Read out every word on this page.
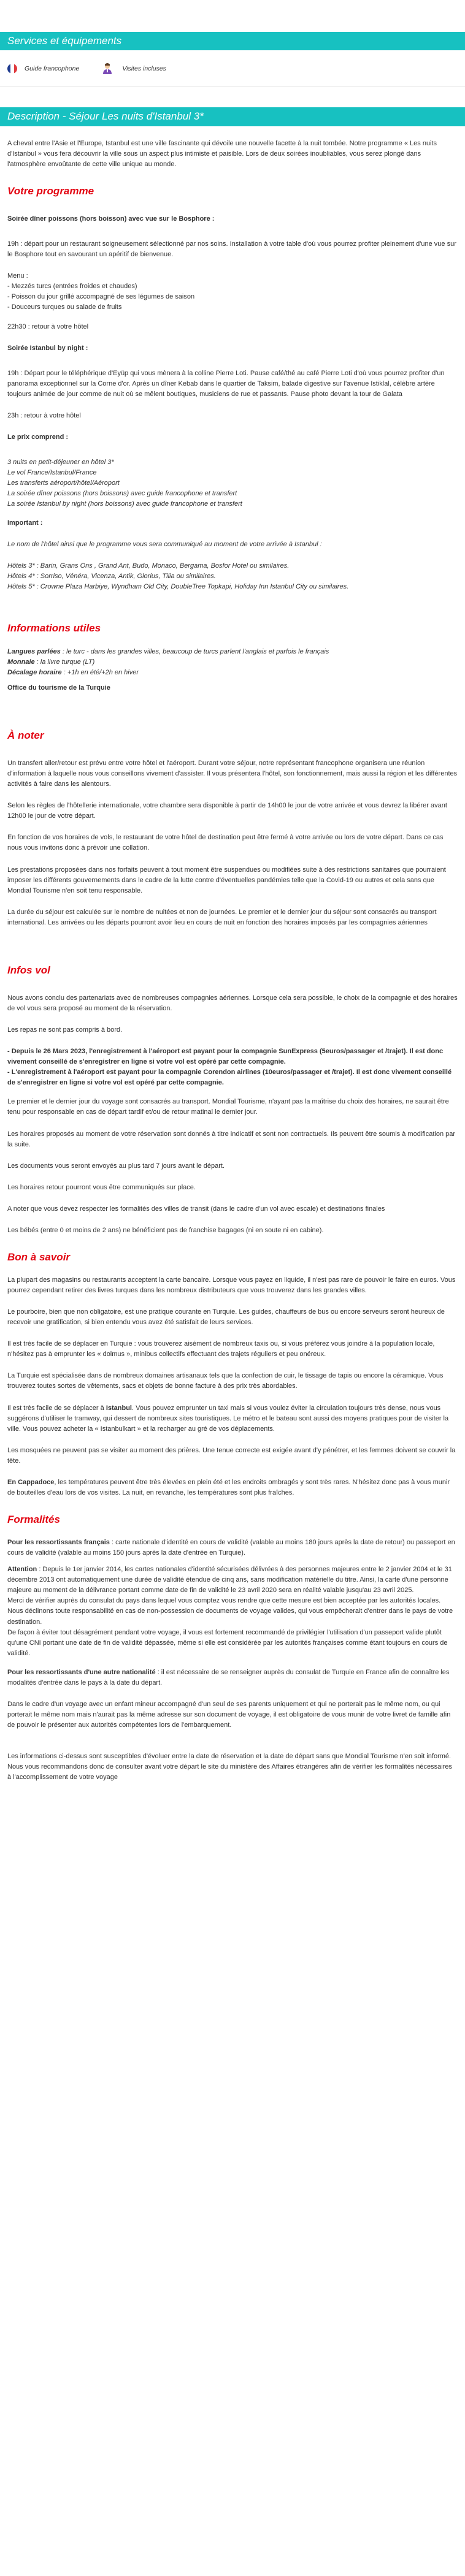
Services et équipements
Guide francophone	Visites incluses
Description - Séjour Les nuits d'Istanbul 3*

A cheval entre l'Asie et l'Europe, Istanbul est une ville fascinante qui dévoile une nouvelle facette à la nuit tombée. Notre programme « Les nuits d'Istanbul » vous fera découvrir la ville sous un aspect plus intimiste et paisible. Lors de deux soirées inoubliables, vous serez plongé dans l'atmosphère envoûtante de cette ville unique au monde.

Votre programme

Soirée dîner poissons (hors boisson) avec vue sur le Bosphore :

19h : départ pour un restaurant soigneusement sélectionné par nos soins. Installation à votre table d'où vous pourrez profiter pleinement d'une vue sur le Bosphore tout en savourant un apéritif de bienvenue.

Menu :

- Mezzés turcs (entrées froides et chaudes)
- Poisson du jour grillé accompagné de ses légumes de saison
- Douceurs turques ou salade de fruits

22h30 : retour à votre hôtel

Soirée Istanbul by night :

19h : Départ pour le téléphérique d'Eyüp qui vous mènera à la colline Pierre Loti. Pause café/thé au café Pierre Loti d'où vous pourrez profiter d'un panorama exceptionnel sur la Corne d'or. Après un dîner Kebab dans le quartier de Taksim, balade digestive sur l'avenue Istiklal, célèbre artère toujours animée de jour comme de nuit où se mêlent boutiques, musiciens de rue et passants. Pause photo devant la tour de Galata

23h : retour à votre hôtel

Le prix comprend :

3 nuits en petit-déjeuner en hôtel 3*
Le vol France/Istanbul/France
Les transferts aéroport/hôtel/Aéroport
La soirée dîner poissons (hors boissons) avec guide francophone et transfert
La soirée Istanbul by night (hors boissons) avec guide francophone et transfert

Important :

Le nom de l'hôtel ainsi que le programme vous sera communiqué au moment de votre arrivée à Istanbul :

Hôtels 3* : Barin, Grans Ons , Grand Ant, Budo, Monaco, Bergama, Bosfor Hotel ou similaires.
Hôtels 4* : Sorriso, Vénéra, Vicenza, Antik, Glorius, Tilia ou similaires.
Hôtels 5* : Crowne Plaza Harbiye, Wyndham Old City, DoubleTree Topkapi, Holiday Inn Istanbul City ou similaires.
Informations utiles
Langues parlées : le turc - dans les grandes villes, beaucoup de turcs parlent l'anglais et parfois le français
Monnaie : la livre turque (LT)
Décalage horaire : +1h en été/+2h en hiver

Office du tourisme de la Turquie

À noter

Un transfert aller/retour est prévu entre votre hôtel et l'aéroport. Durant votre séjour, notre représentant francophone organisera une réunion d'information à laquelle nous vous conseillons vivement d'assister. Il vous présentera l'hôtel, son fonctionnement, mais aussi la région et les différentes activités à faire dans les alentours.

Selon les règles de l'hôtellerie internationale, votre chambre sera disponible à partir de 14h00 le jour de votre arrivée et vous devrez la libérer avant 12h00 le jour de votre départ.

En fonction de vos horaires de vols, le restaurant de votre hôtel de destination peut être fermé à votre arrivée ou lors de votre départ. Dans ce cas nous vous invitons donc à prévoir une collation.

Les prestations proposées dans nos forfaits peuvent à tout moment être suspendues ou modifiées suite à des restrictions sanitaires que pourraient imposer les différents gouvernements dans le cadre de la lutte contre d'éventuelles pandémies telle que la Covid-19 ou autres et cela sans que Mondial Tourisme n'en soit tenu responsable.

La durée du séjour est calculée sur le nombre de nuitées et non de journées. Le premier et le dernier jour du séjour sont consacrés au transport international. Les arrivées ou les départs pourront avoir lieu en cours de nuit en fonction des horaires imposés par les compagnies aériennes

Infos vol

Nous avons conclu des partenariats avec de nombreuses compagnies aériennes. Lorsque cela sera possible, le choix de la compagnie et des horaires de vol vous sera proposé au moment de la réservation.

Les repas ne sont pas compris à bord.

- Depuis le 26 Mars 2023, l'enregistrement à l'aéroport est payant pour la compagnie SunExpress (5euros/passager et /trajet). Il est donc vivement conseillé de s'enregistrer en ligne si votre vol est opéré par cette compagnie.
- L'enregistrement à l'aéroport est payant pour la compagnie Corendon airlines (10euros/passager et /trajet). Il est donc vivement conseillé de s'enregistrer en ligne si votre vol est opéré par cette compagnie.

Le premier et le dernier jour du voyage sont consacrés au transport. Mondial Tourisme, n'ayant pas la maîtrise du choix des horaires, ne saurait être tenu pour responsable en cas de départ tardif et/ou de retour matinal le dernier jour.

Les horaires proposés au moment de votre réservation sont donnés à titre indicatif et sont non contractuels. Ils peuvent être soumis à modification par la suite.

Les documents vous seront envoyés au plus tard 7 jours avant le départ.

Les horaires retour pourront vous être communiqués sur place.

A noter que vous devez respecter les formalités des villes de transit (dans le cadre d'un vol avec escale) et destinations finales

Les bébés (entre 0 et moins de 2 ans) ne bénéficient pas de franchise bagages (ni en soute ni en cabine).

Bon à savoir

La plupart des magasins ou restaurants acceptent la carte bancaire. Lorsque vous payez en liquide, il n'est pas rare de pouvoir le faire en euros. Vous pourrez cependant retirer des livres turques dans les nombreux distributeurs que vous trouverez dans les grandes villes.

Le pourboire, bien que non obligatoire, est une pratique courante en Turquie. Les guides, chauffeurs de bus ou encore serveurs seront heureux de recevoir une gratification, si bien entendu vous avez été satisfait de leurs services.

Il est très facile de se déplacer en Turquie : vous trouverez aisément de nombreux taxis ou, si vous préférez vous joindre à la population locale, n'hésitez pas à emprunter les « dolmus », minibus collectifs effectuant des trajets réguliers et peu onéreux.

La Turquie est spécialisée dans de nombreux domaines artisanaux tels que la confection de cuir, le tissage de tapis ou encore la céramique. Vous trouverez toutes sortes de vêtements, sacs et objets de bonne facture à des prix très abordables.

Il est très facile de se déplacer à Istanbul. Vous pouvez emprunter un taxi mais si vous voulez éviter la circulation toujours très dense, nous vous suggérons d'utiliser le tramway, qui dessert de nombreux sites touristiques. Le métro et le bateau sont aussi des moyens pratiques pour de visiter la ville. Vous pouvez acheter la « Istanbulkart » et la recharger au gré de vos déplacements.

Les mosquées ne peuvent pas se visiter au moment des prières. Une tenue correcte est exigée avant d'y pénétrer, et les femmes doivent se couvrir la tête.

En Cappadoce, les températures peuvent être très élevées en plein été et les endroits ombragés y sont très rares. N'hésitez donc pas à vous munir de bouteilles d'eau lors de vos visites. La nuit, en revanche, les températures sont plus fraîches.

Formalités

Pour les ressortissants français : carte nationale d'identité en cours de validité (valable au moins 180 jours après la date de retour) ou passeport en cours de validité (valable au moins 150 jours après la date d'entrée en Turquie).

Attention : Depuis le 1er janvier 2014, les cartes nationales d'identité sécurisées délivrées à des personnes majeures entre le 2 janvier 2004 et le 31 décembre 2013 ont automatiquement une durée de validité étendue de cinq ans, sans modification matérielle du titre. Ainsi, la carte d'une personne majeure au moment de la délivrance portant comme date de fin de validité le 23 avril 2020 sera en réalité valable jusqu'au 23 avril 2025.
Merci de vérifier auprès du consulat du pays dans lequel vous comptez vous rendre que cette mesure est bien acceptée par les autorités locales.
Nous déclinons toute responsabilité en cas de non-possession de documents de voyage valides, qui vous empêcherait d'entrer dans le pays de votre destination.
De façon à éviter tout désagrément pendant votre voyage, il vous est fortement recommandé de privilégier l'utilisation d'un passeport valide plutôt qu'une CNI portant une date de fin de validité dépassée, même si elle est considérée par les autorités françaises comme étant toujours en cours de validité.

Pour les ressortissants d'une autre nationalité : il est nécessaire de se renseigner auprès du consulat de Turquie en France afin de connaître les modalités d'entrée dans le pays à la date du départ.

Dans le cadre d'un voyage avec un enfant mineur accompagné d'un seul de ses parents uniquement et qui ne porterait pas le même nom, ou qui porterait le même nom mais n'aurait pas la même adresse sur son document de voyage, il est obligatoire de vous munir de votre livret de famille afin de pouvoir le présenter aux autorités compétentes lors de l'embarquement.

Les informations ci-dessus sont susceptibles d'évoluer entre la date de réservation et la date de départ sans que Mondial Tourisme n'en soit informé. Nous vous recommandons donc de consulter avant votre départ le site du ministère des Affaires étrangères afin de vérifier les formalités nécessaires à l'accomplissement de votre voyage
